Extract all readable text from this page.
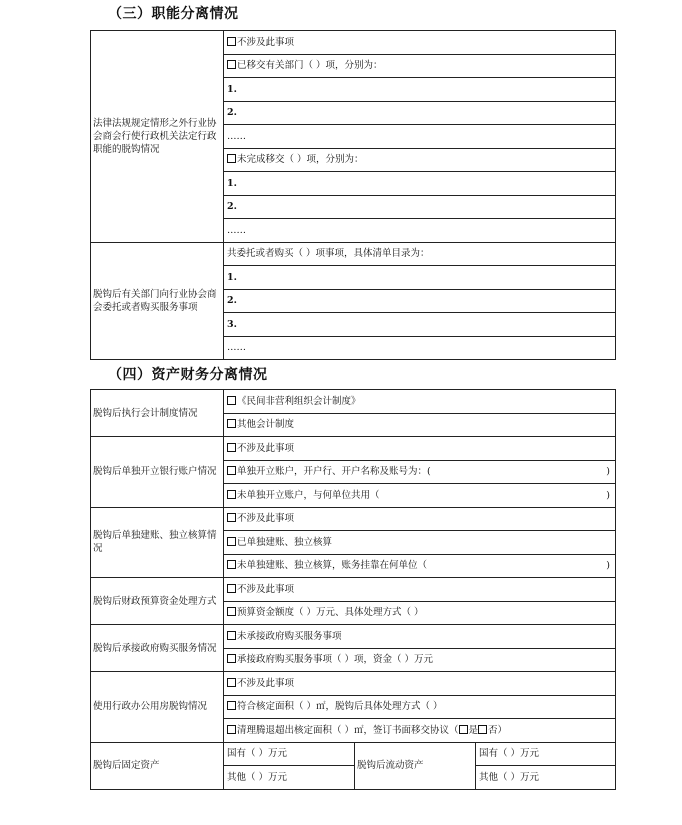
（三）职能分离情况
法律法规规定情形之外行业协会商会行使行政机关法定行政职能的脱钩情况	不涉及此事项
	已移交有关部门（ ）项，分别为：
	1.
	2.
	……
	未完成移交（ ）项，分别为：
	1.
	2.
	……
脱钩后有关部门向行业协会商会委托或者购买服务事项	共委托或者购买（ ）项事项，具体清单目录为：
	1.
	2.
	3.
	……
（四）资产财务分离情况
脱钩后执行会计制度情况	《民间非营利组织会计制度》		
	其他会计制度		
脱钩后单独开立银行账户情况	不涉及此事项		
	单独开立账户，开户行、开户名称及账号为：( )		

	未单独开立账户，与何单位共用（ )		

脱钩后单独建账、独立核算情况	不涉及此事项		
	已单独建账、独立核算		
	未单独建账、独立核算，账务挂靠在何单位（ )		

脱钩后财政预算资金处理方式	不涉及此事项		
	预算资金额度（ ）万元、具体处理方式（ ）		
脱钩后承接政府购买服务情况	未承接政府购买服务事项		
	承接政府购买服务事项（ ）项，资金（ ）万元		
使用行政办公用房脱钩情况	不涉及此事项		
	符合核定面积（ ）㎡，脱钩后具体处理方式（ ）		
	清理腾退超出核定面积（ ）㎡，签订书面移交协议（ 是 否）		
脱钩后固定资产	国有（ ）万元	脱钩后流动资产	国有（ ）万元
	其他（ ）万元		其他（ ）万元
